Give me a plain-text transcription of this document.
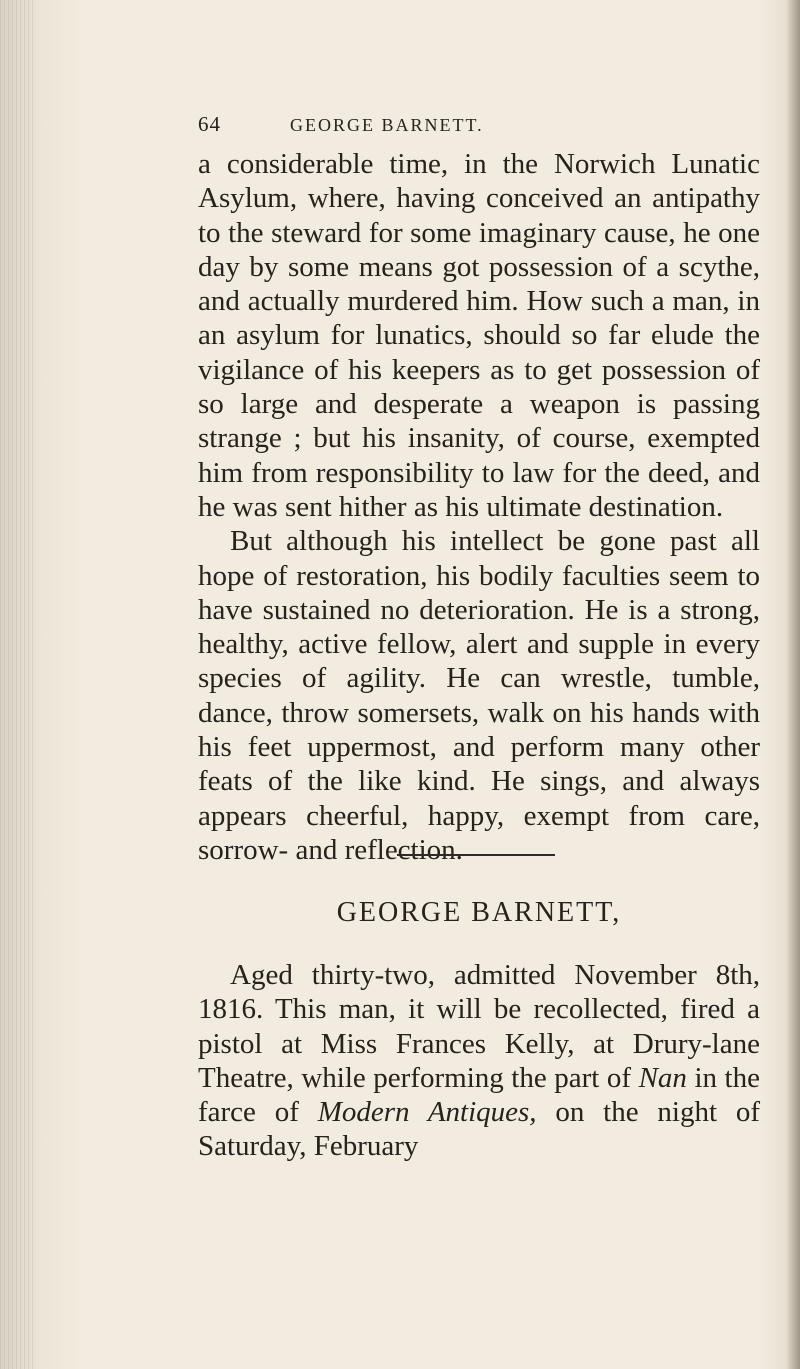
64	GEORGE BARNETT.

a considerable time, in the Norwich Lunatic Asylum, where, having conceived an antipathy to the steward for some imaginary cause, he one day by some means got possession of a scythe, and actually murdered him. How such a man, in an asylum for lunatics, should so far elude the vigilance of his keepers as to get possession of so large and desperate a weapon is passing strange ; but his insanity, of course, exempted him from responsibility to law for the deed, and he was sent hither as his ultimate destination.

But although his intellect be gone past all hope of restoration, his bodily faculties seem to have sustained no deterioration. He is a strong, healthy, active fellow, alert and supple in every species of agility. He can wrestle, tumble, dance, throw somersets, walk on his hands with his feet uppermost, and perform many other feats of the like kind. He sings, and always appears cheerful, happy, exempt from care, sorrow- and reflection.

GEORGE BARNETT,

Aged thirty-two, admitted November 8th, 1816. This man, it will be recollected, fired a pistol at Miss Frances Kelly, at Drury-lane Theatre, while performing the part of Nan in the farce of Modern Antiques, on the night of Saturday, February
